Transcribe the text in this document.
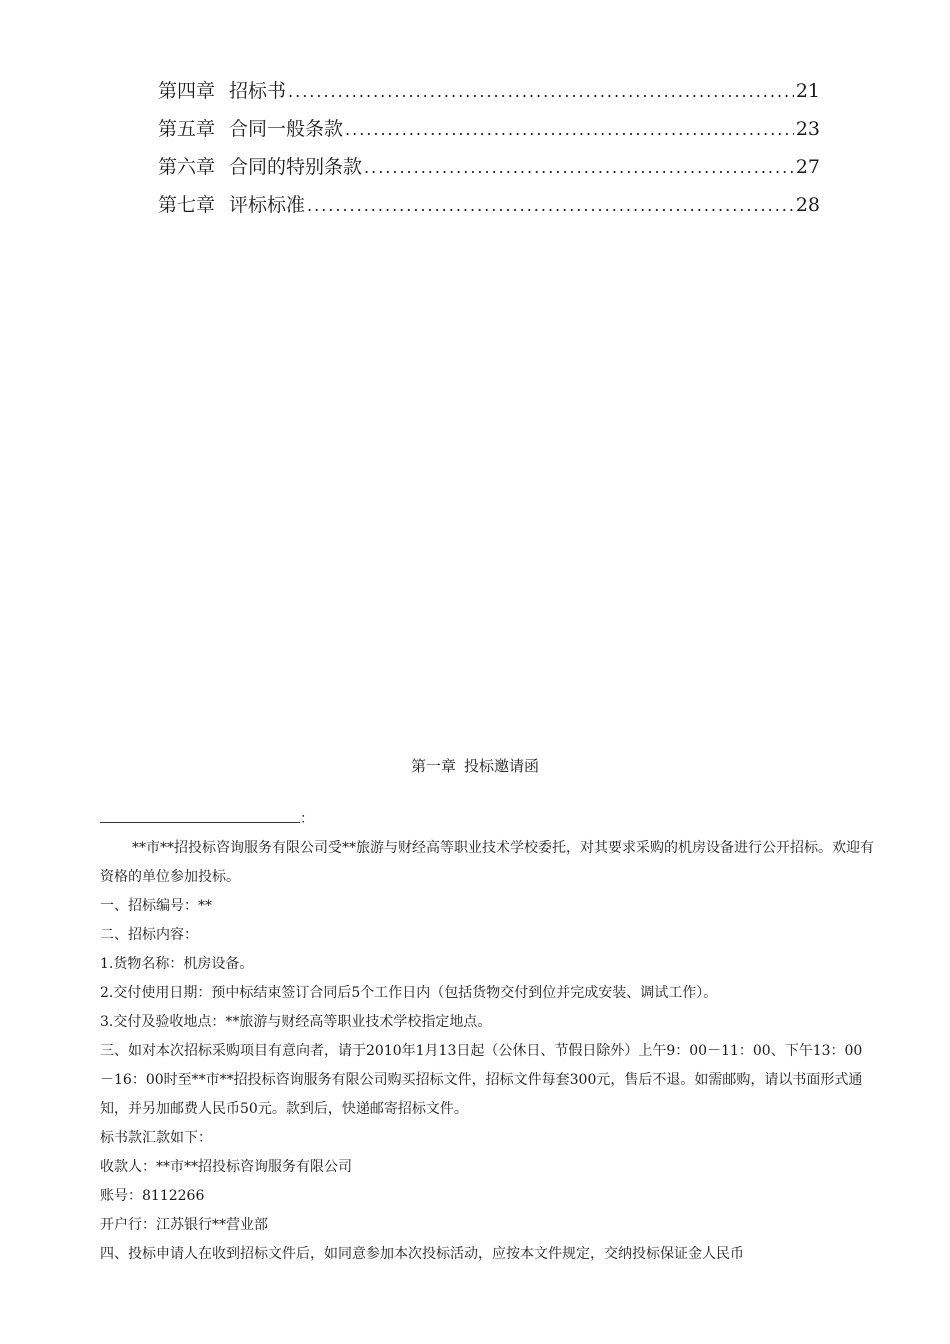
第四章 招标书 .....	21
第五章 合同一般条款 .....	23
第六章 合同的特别条款 .....	27
第七章 评标标准 .....	28
第一章 投标邀请函
：

**市**招投标咨询服务有限公司受**旅游与财经高等职业技术学校委托，对其要求采购的机房设备进行公开招标。欢迎有资格的单位参加投标。

一、招标编号：**

二、招标内容：

1.货物名称：机房设备。

2.交付使用日期：预中标结束签订合同后5个工作日内（包括货物交付到位并完成安装、调试工作）。

3.交付及验收地点：**旅游与财经高等职业技术学校指定地点。

三、如对本次招标采购项目有意向者，请于2010年1月13日起（公休日、节假日除外）上午9：00－11：00、下午13：00－16：00时至**市**招投标咨询服务有限公司购买招标文件，招标文件每套300元，售后不退。如需邮购，请以书面形式通知，并另加邮费人民币50元。款到后，快递邮寄招标文件。

标书款汇款如下：

收款人：**市**招投标咨询服务有限公司

账号：8112266

开户行：江苏银行**营业部

四、投标申请人在收到招标文件后，如同意参加本次投标活动，应按本文件规定，交纳投标保证金人民币
